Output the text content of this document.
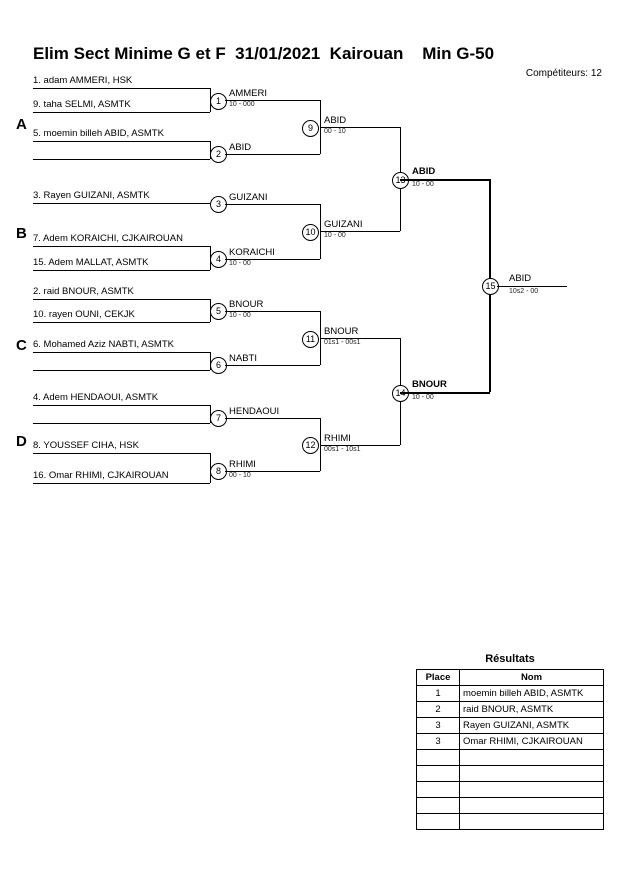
Elim Sect Minime G et F  31/01/2021  Kairouan    Min G-50
Compétiteurs: 12
A
B
C
D
1. adam AMMERI, HSK
9. taha SELMI, ASMTK
5. moemin billeh ABID, ASMTK
3. Rayen GUIZANI, ASMTK
7. Adem KORAICHI, CJKAIROUAN
15. Adem MALLAT, ASMTK
2. raid BNOUR, ASMTK
10. rayen OUNI, CEKJK
6. Mohamed Aziz NABTI, ASMTK
4. Adem HENDAOUI, ASMTK
8. YOUSSEF CIHA, HSK
16. Omar RHIMI, CJKAIROUAN
1
2
3
4
5
6
7
8
AMMERI
10 - 000
ABID
GUIZANI
KORAICHI
10 - 00
BNOUR
10 - 00
NABTI
HENDAOUI
RHIMI
00 - 10
9
10
11
12
ABID
00 - 10
GUIZANI
10 - 00
BNOUR
01s1 - 00s1
RHIMI
00s1 - 10s1
13
14
ABID
10 - 00
BNOUR
10 - 00
15
ABID
10s2 - 00
Résultats
Place	Nom
1	moemin billeh ABID, ASMTK
2	raid BNOUR, ASMTK
3	Rayen GUIZANI, ASMTK
3	Omar RHIMI, CJKAIROUAN
